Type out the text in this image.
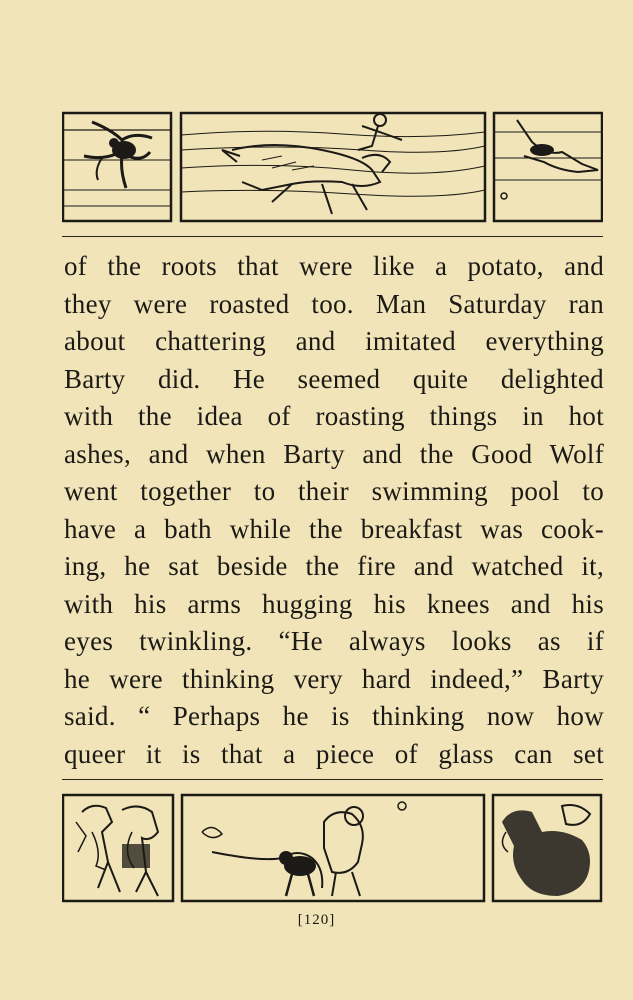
of the roots that were like a potato, and
they were roasted too. Man Saturday ran
about chattering and imitated everything
Barty did. He seemed quite delighted
with the idea of roasting things in hot
ashes, and when Barty and the Good Wolf
went together to their swimming pool to
have a bath while the breakfast was cook-
ing, he sat beside the fire and watched it,
with his arms hugging his knees and his
eyes twinkling. “He always looks as if
he were thinking very hard indeed,” Barty
said. “ Perhaps he is thinking now how
queer it is that a piece of glass can set
[120]
